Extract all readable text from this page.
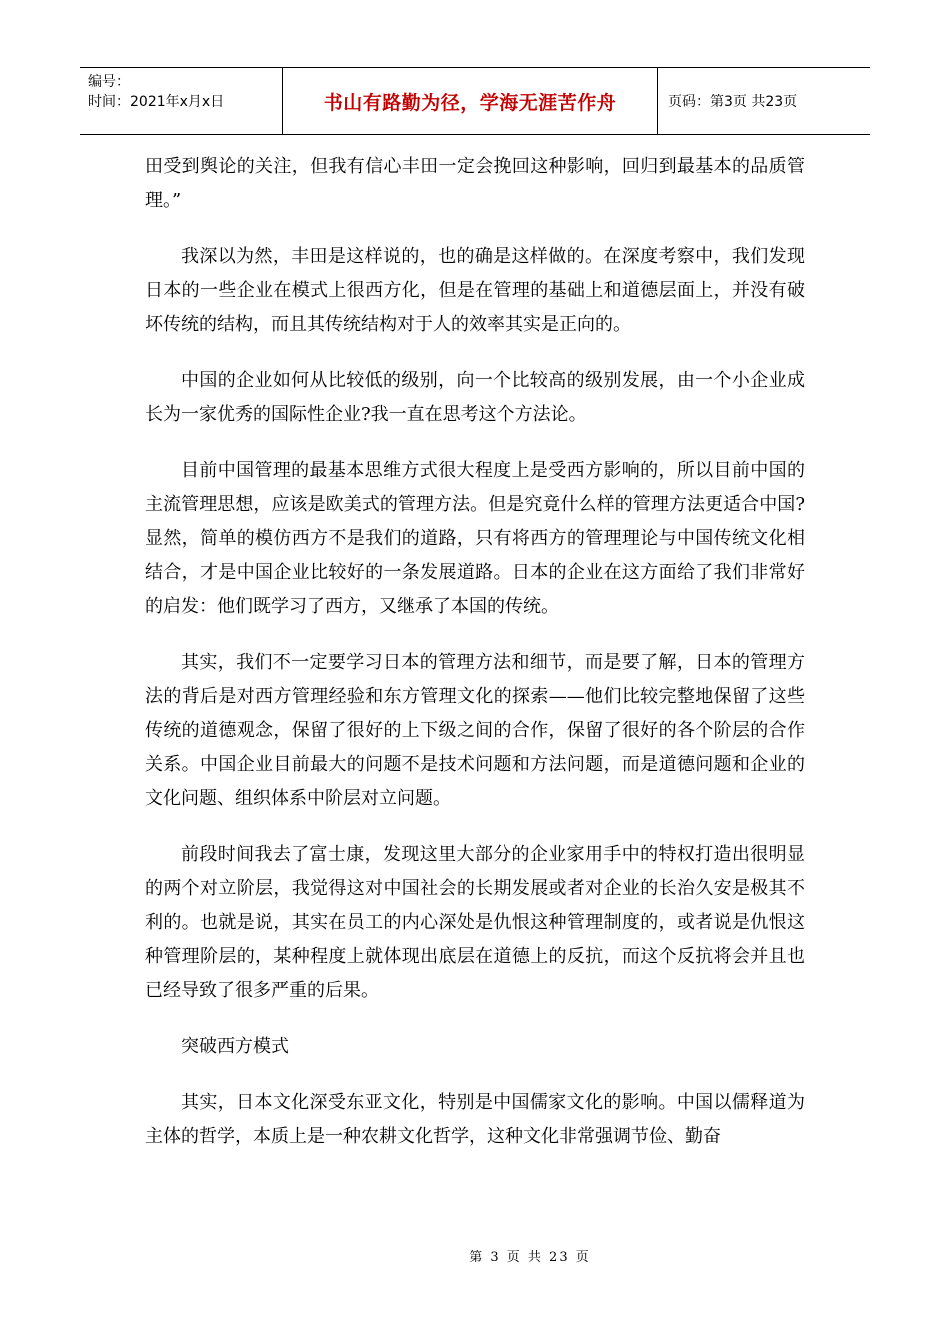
编号：
时间：2021年x月x日	书山有路勤为径，学海无涯苦作舟	页码：第3页 共23页

田受到舆论的关注，但我有信心丰田一定会挽回这种影响，回归到最基本的品质管理。”

我深以为然，丰田是这样说的，也的确是这样做的。在深度考察中，我们发现日本的一些企业在模式上很西方化，但是在管理的基础上和道德层面上，并没有破坏传统的结构，而且其传统结构对于人的效率其实是正向的。

中国的企业如何从比较低的级别，向一个比较高的级别发展，由一个小企业成长为一家优秀的国际性企业?我一直在思考这个方法论。

目前中国管理的最基本思维方式很大程度上是受西方影响的，所以目前中国的主流管理思想，应该是欧美式的管理方法。但是究竟什么样的管理方法更适合中国?显然，简单的模仿西方不是我们的道路，只有将西方的管理理论与中国传统文化相结合，才是中国企业比较好的一条发展道路。日本的企业在这方面给了我们非常好的启发：他们既学习了西方，又继承了本国的传统。

其实，我们不一定要学习日本的管理方法和细节，而是要了解，日本的管理方法的背后是对西方管理经验和东方管理文化的探索——他们比较完整地保留了这些传统的道德观念，保留了很好的上下级之间的合作，保留了很好的各个阶层的合作关系。中国企业目前最大的问题不是技术问题和方法问题，而是道德问题和企业的文化问题、组织体系中阶层对立问题。

前段时间我去了富士康，发现这里大部分的企业家用手中的特权打造出很明显的两个对立阶层，我觉得这对中国社会的长期发展或者对企业的长治久安是极其不利的。也就是说，其实在员工的内心深处是仇恨这种管理制度的，或者说是仇恨这种管理阶层的，某种程度上就体现出底层在道德上的反抗，而这个反抗将会并且也已经导致了很多严重的后果。

突破西方模式

其实，日本文化深受东亚文化，特别是中国儒家文化的影响。中国以儒释道为主体的哲学，本质上是一种农耕文化哲学，这种文化非常强调节俭、勤奋

第 3 页 共 23 页
